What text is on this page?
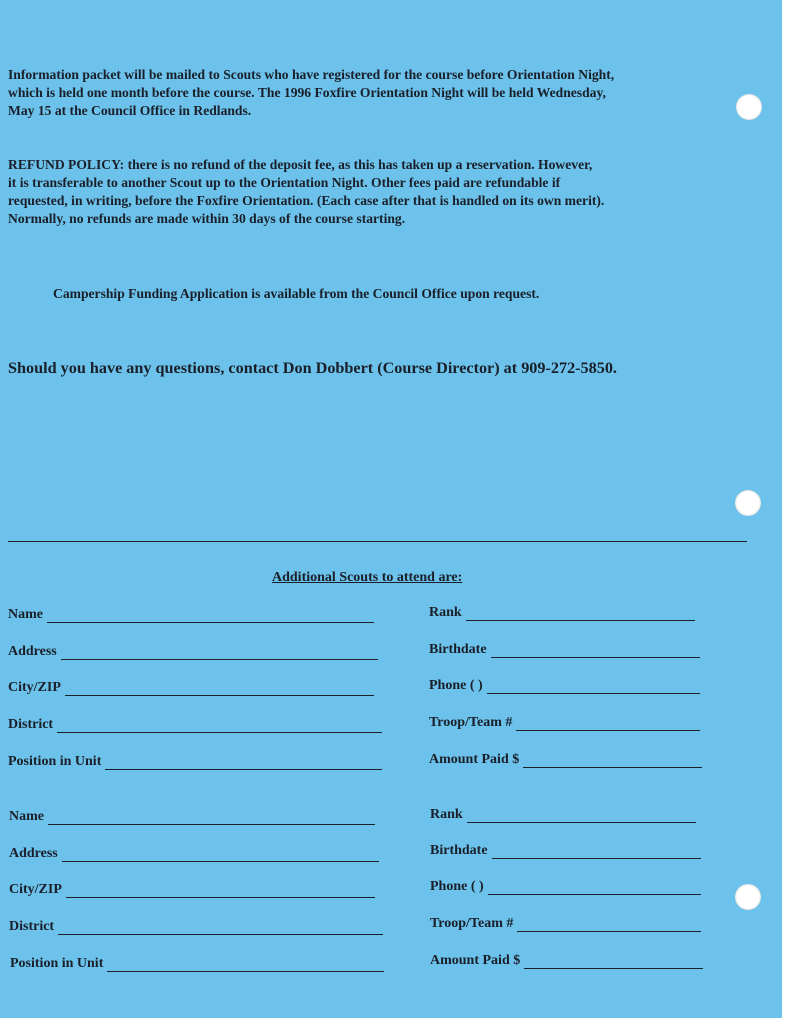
Information packet will be mailed to Scouts who have registered for the course before Orientation Night,
which is held one month before the course. The 1996 Foxfire Orientation Night will be held Wednesday,
May 15 at the Council Office in Redlands.
REFUND POLICY: there is no refund of the deposit fee, as this has taken up a reservation. However,
it is transferable to another Scout up to the Orientation Night. Other fees paid are refundable if
requested, in writing, before the Foxfire Orientation. (Each case after that is handled on its own merit).
Normally, no refunds are made within 30 days of the course starting.
Campership Funding Application is available from the Council Office upon request.
Should you have any questions, contact Don Dobbert (Course Director) at 909-272-5850.
Additional Scouts to attend are:
Name
Address
City/ZIP
District
Position in Unit
Rank
Birthdate
Phone ( )
Troop/Team #
Amount Paid $
Name
Address
City/ZIP
District
Position in Unit
Rank
Birthdate
Phone ( )
Troop/Team #
Amount Paid $
